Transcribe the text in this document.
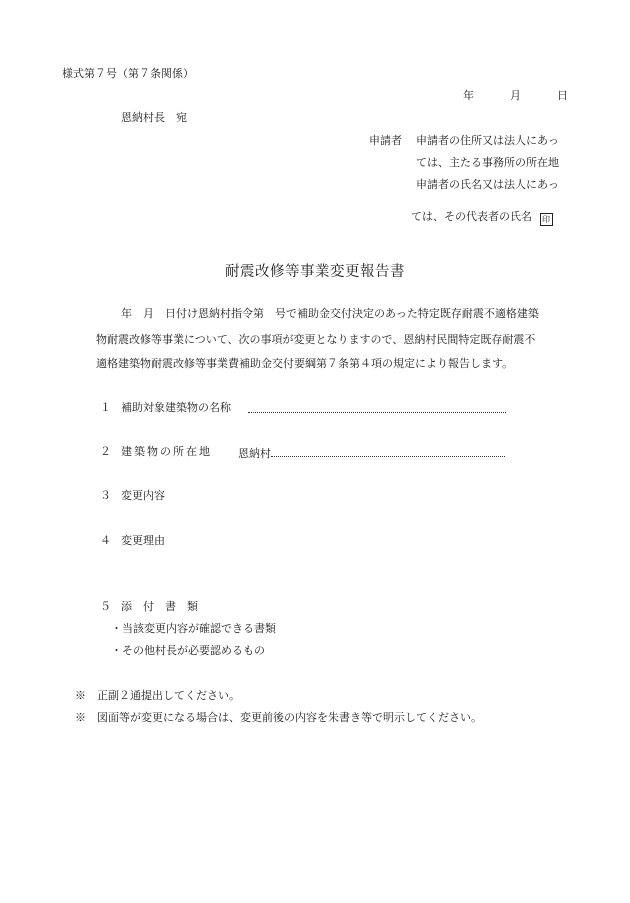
様式第７号（第７条関係）
年	月	日
恩納村長　宛
申請者 申請者の住所又は法人にあっ
ては、主たる事務所の所在地
申請者の氏名又は法人にあっ
ては、その代表者の氏名 印
耐震改修等事業変更報告書
年　月　日付け恩納村指令第　号で補助金交付決定のあった特定既存耐震不適格建築
物耐震改修等事業について、次の事項が変更となりますので、恩納村民間特定既存耐震不
適格建築物耐震改修等事業費補助金交付要綱第７条第４項の規定により報告します。
１ 補助対象建築物の名称
２ 建築物の所在地 恩納村
３ 変更内容
４ 変更理由
５ 添　付　書　類
・当該変更内容が確認できる書類
・その他村長が必要認めるもの
※　正副２通提出してください。
※　図面等が変更になる場合は、変更前後の内容を朱書き等で明示してください。
